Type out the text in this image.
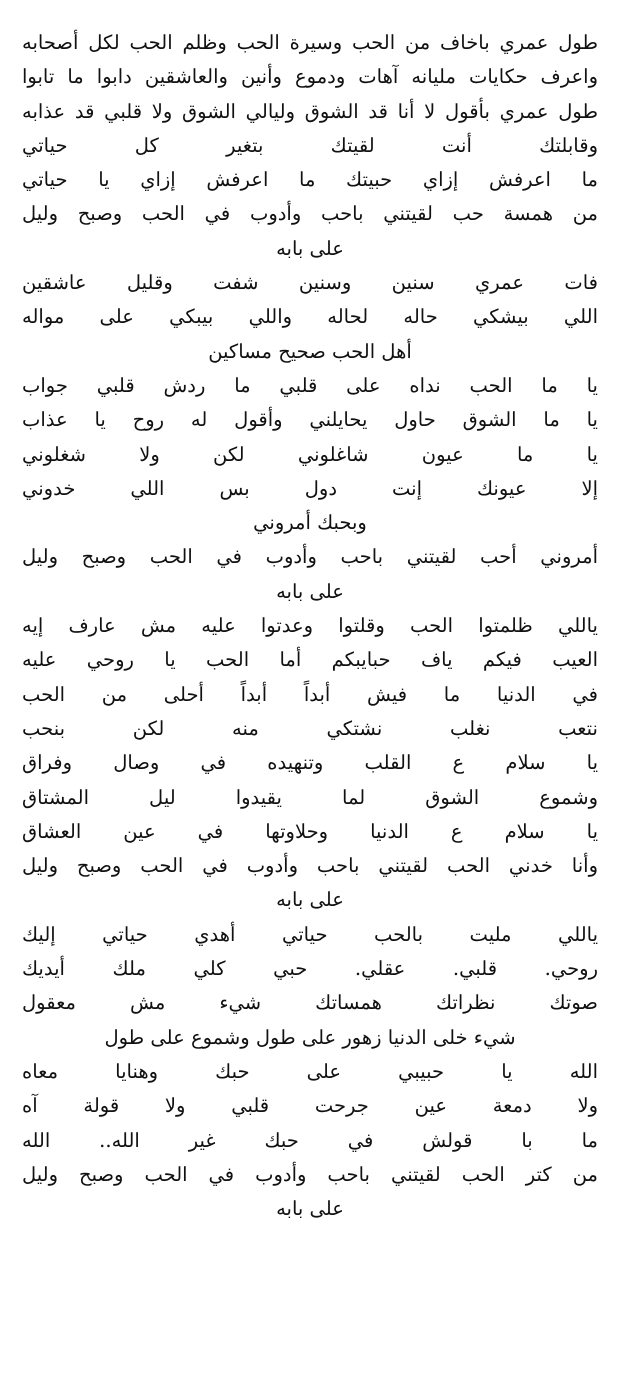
طول عمري باخاف من الحب وسيرة الحب وظلم الحب لكل أصحابه
واعرف حكايات مليانه آهات ودموع وأنين والعاشقين دابوا ما تابوا
طول عمري بأقول لا أنا قد الشوق وليالي الشوق ولا قلبي قد عذابه
وقابلتك أنت لقيتك بتغير كل حياتي
ما اعرفش إزاي حبيتك ما اعرفش إزاي يا حياتي
من همسة حب لقيتني باحب وأدوب في الحب وصبح وليل
على بابه
فات عمري سنين وسنين شفت وقليل عاشقين
اللي بيشكي حاله لحاله واللي بيبكي على مواله
أهل الحب صحيح مساكين
يا ما الحب نداه على قلبي ما ردش قلبي جواب
يا ما الشوق حاول يحايلني وأقول له روح يا عذاب
يا ما عيون شاغلوني لكن ولا شغلوني
إلا عيونك إنت دول بس اللي خدوني
وبحبك أمروني
أمروني أحب لقيتني باحب وأدوب في الحب وصبح وليل
على بابه
ياللي ظلمتوا الحب وقلتوا وعدتوا عليه مش عارف إيه
العيب فيكم ياف حبايبكم أما الحب يا روحي عليه
في الدنيا ما فيش أبداً أبداً أحلى من الحب
نتعب نغلب نشتكي منه لكن بنحب
يا سلام ع القلب وتنهيده في وصال وفراق
وشموع الشوق لما يقيدوا ليل المشتاق
يا سلام ع الدنيا وحلاوتها في عين العشاق
وأنا خدني الحب لقيتني باحب وأدوب في الحب وصبح وليل
على بابه
ياللي مليت بالحب حياتي أهدي حياتي إليك
روحي. قلبي. عقلي. حبي كلي ملك أيديك
صوتك نظراتك همساتك شيء مش معقول
شيء خلى الدنيا زهور على طول وشموع على طول
الله يا حبيبي على حبك وهنايا معاه
ولا دمعة عين جرحت قلبي ولا قولة آه
ما با قولش في حبك غير الله.. الله
من كتر الحب لقيتني باحب وأدوب في الحب وصبح وليل
على بابه
